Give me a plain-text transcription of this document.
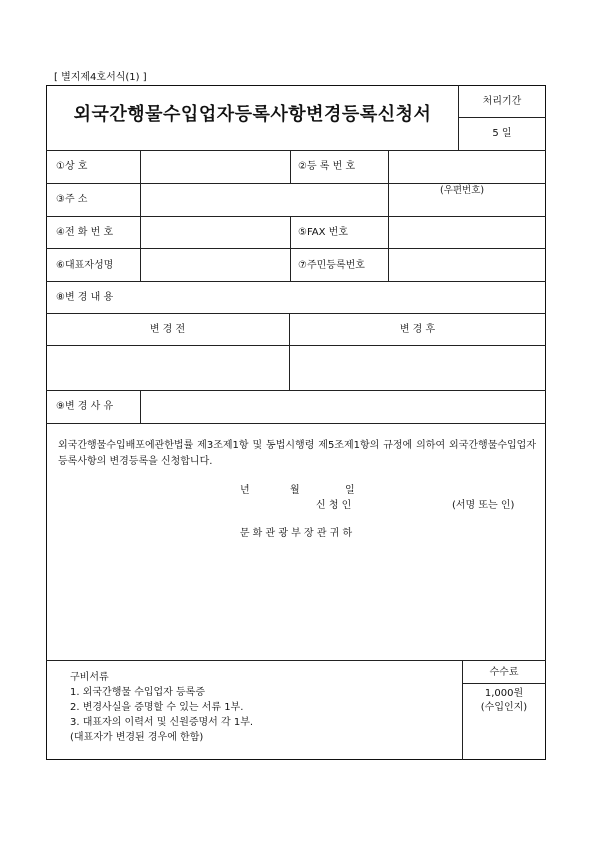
[ 별지제4호서식(1) ]
외국간행물수입업자등록사항변경등록신청서
처리기간
5 일
①상 호	②등 록 번 호
③주 소
(우편번호)
④전 화 번 호	⑤FAX 번호
⑥대표자성명	⑦주민등록번호
⑧변 경 내 용
변 경 전	변 경 후
⑨변 경 사 유
외국간행물수입배포에관한법률 제3조제1항 및 동법시행령 제5조제1항의 규정에 의하여 외국간행물수입업자등록사항의 변경등록을 신청합니다.
년	월	일
신 청 인	(서명 또는 인)
문 화 관 광 부 장 관 귀 하
구비서류
1. 외국간행물 수입업자 등록증
2. 변경사실을 증명할 수 있는 서류 1부.
3. 대표자의 이력서 및 신원증명서 각 1부.
(대표자가 변경된 경우에 한함)
수수료
1,000원
(수입인지)
